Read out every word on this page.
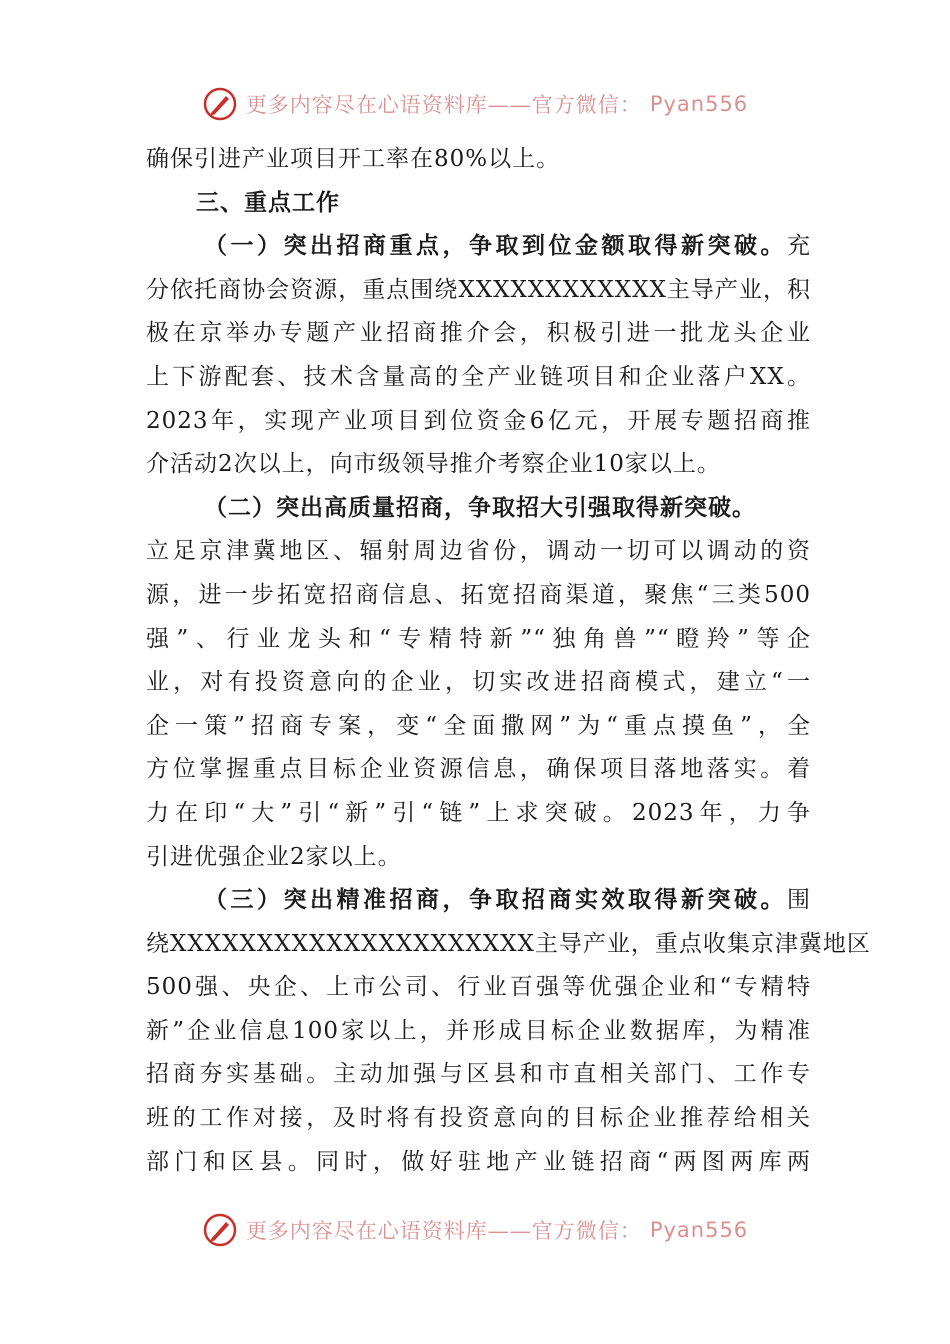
更多内容尽在心语资料库——官方微信： Pyan556
确保引进产业项目开工率在80%以上。
三、重点工作
（一）突出招商重点，争取到位金额取得新突破。充
分依托商协会资源，重点围绕XXXXXXXXXXXX主导产业，积
极在京举办专题产业招商推介会，积极引进一批龙头企业
上下游配套、技术含量高的全产业链项目和企业落户XX。
2023年，实现产业项目到位资金6亿元，开展专题招商推
介活动2次以上，向市级领导推介考察企业10家以上。
（二）突出高质量招商，争取招大引强取得新突破。
立足京津冀地区、辐射周边省份，调动一切可以调动的资
源，进一步拓宽招商信息、拓宽招商渠道，聚焦“三类500
强”、行业龙头和“专精特新”“独角兽”“瞪羚”等企
业，对有投资意向的企业，切实改进招商模式，建立“一
企一策”招商专案，变“全面撒网”为“重点摸鱼”，全
方位掌握重点目标企业资源信息，确保项目落地落实。着
力在印“大”引“新”引“链”上求突破。2023年，力争
引进优强企业2家以上。
（三）突出精准招商，争取招商实效取得新突破。围
绕XXXXXXXXXXXXXXXXXXXXX主导产业，重点收集京津冀地区
500强、央企、上市公司、行业百强等优强企业和“专精特
新”企业信息100家以上，并形成目标企业数据库，为精准
招商夯实基础。主动加强与区县和市直相关部门、工作专
班的工作对接，及时将有投资意向的目标企业推荐给相关
部门和区县。同时，做好驻地产业链招商“两图两库两
更多内容尽在心语资料库——官方微信： Pyan556
